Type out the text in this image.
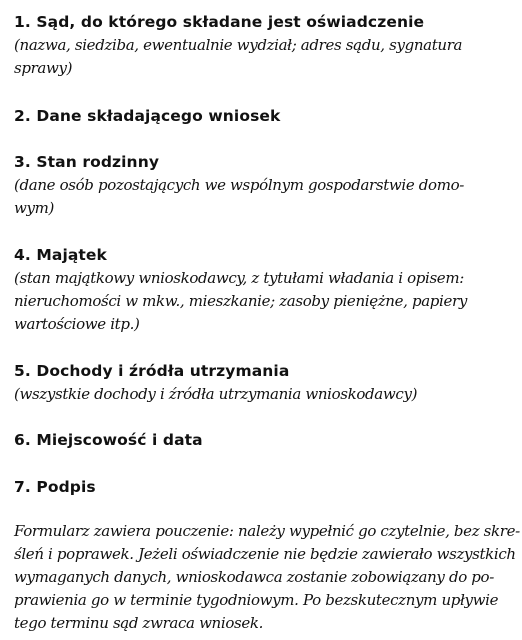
1. Sąd, do którego składane jest oświadczenie
(nazwa, siedziba, ewentualnie wydział; adres sądu, sygnatura
sprawy)
2. Dane składającego wniosek
3. Stan rodzinny
(dane osób pozostających we wspólnym gospodarstwie domo-
wym)
4. Majątek
(stan majątkowy wnioskodawcy, z tytułami władania i opisem:
nieruchomości w mkw., mieszkanie; zasoby pieniężne, papiery
wartościowe itp.)
5. Dochody i źródła utrzymania
(wszystkie dochody i źródła utrzymania wnioskodawcy)
6. Miejscowość i data
7. Podpis
Formularz zawiera pouczenie: należy wypełnić go czytelnie, bez skre-
śleń i poprawek. Jeżeli oświadczenie nie będzie zawierało wszystkich
wymaganych danych, wnioskodawca zostanie zobowiązany do po-
prawienia go w terminie tygodniowym. Po bezskutecznym upływie
tego terminu sąd zwraca wniosek.
